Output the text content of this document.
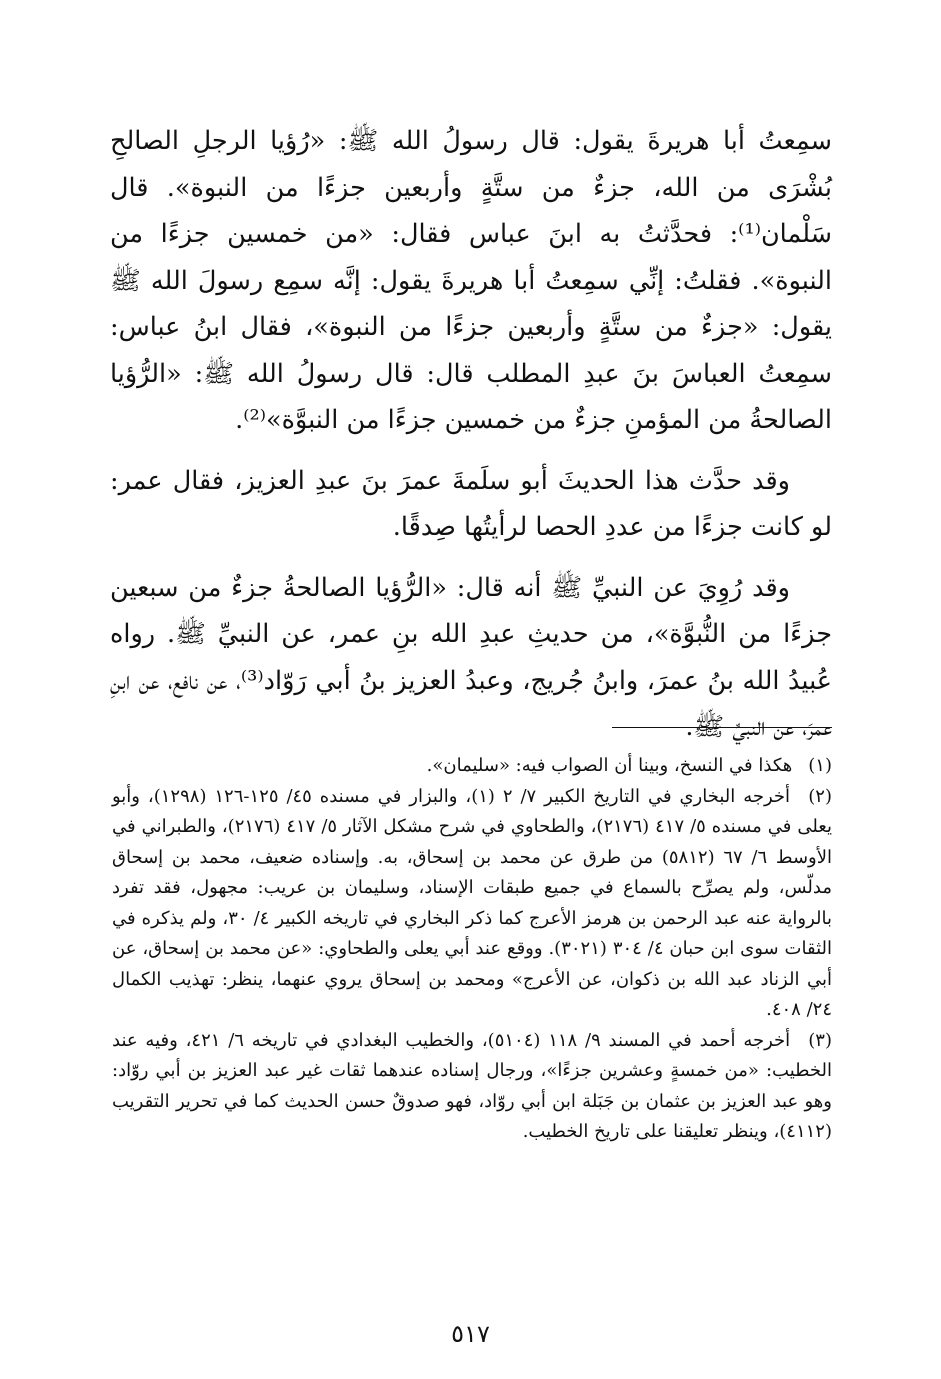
سمِعتُ أبا هريرةَ يقول: قال رسولُ الله ﷺ: «رُؤيا الرجلِ الصالحِ بُشْرَى من الله، جزءٌ من ستَّةٍ وأربعين جزءًا من النبوة». قال سَلْمان⁽¹⁾: فحدَّثتُ به ابنَ عباس فقال: «من خمسين جزءًا من النبوة». فقلتُ: إنِّي سمِعتُ أبا هريرةَ يقول: إنَّه سمِع رسولَ الله ﷺ يقول: «جزءٌ من ستَّةٍ وأربعين جزءًا من النبوة»، فقال ابنُ عباس: سمِعتُ العباسَ بنَ عبدِ المطلب قال: قال رسولُ الله ﷺ: «الرُّؤيا الصالحةُ من المؤمنِ جزءٌ من خمسين جزءًا من النبوَّة»⁽²⁾.

وقد حدَّث هذا الحديثَ أبو سلَمةَ عمرَ بنَ عبدِ العزيز، فقال عمر: لو كانت جزءًا من عددِ الحصا لرأيتُها صِدقًا.

وقد رُوِيَ عن النبيِّ ﷺ أنه قال: «الرُّؤيا الصالحةُ جزءٌ من سبعين جزءًا من النُّبوَّة»، من حديثِ عبدِ الله بنِ عمر، عن النبيِّ ﷺ. رواه عُبيدُ الله بنُ عمرَ، وابنُ جُريج، وعبدُ العزيز بنُ أبي رَوّاد⁽³⁾، عن نافع، عن ابنِ عمرَ، عن النبيِّ ﷺ.

(١) هكذا في النسخ، وبينا أن الصواب فيه: «سليمان».

(٢) أخرجه البخاري في التاريخ الكبير ٧/ ٢ (١)، والبزار في مسنده ٤٥/ ١٢٥-١٢٦ (١٢٩٨)، وأبو يعلى في مسنده ٥/ ٤١٧ (٢١٧٦)، والطحاوي في شرح مشكل الآثار ٥/ ٤١٧ (٢١٧٦)، والطبراني في الأوسط ٦/ ٦٧ (٥٨١٢) من طرق عن محمد بن إسحاق، به. وإسناده ضعيف، محمد بن إسحاق مدلّس، ولم يصرِّح بالسماع في جميع طبقات الإسناد، وسليمان بن عريب: مجهول، فقد تفرد بالرواية عنه عبد الرحمن بن هرمز الأعرج كما ذكر البخاري في تاريخه الكبير ٤/ ٣٠، ولم يذكره في الثقات سوى ابن حبان ٤/ ٣٠٤ (٣٠٢١). ووقع عند أبي يعلى والطحاوي: «عن محمد بن إسحاق، عن أبي الزناد عبد الله بن ذكوان، عن الأعرج» ومحمد بن إسحاق يروي عنهما، ينظر: تهذيب الكمال ٢٤/ ٤٠٨.

(٣) أخرجه أحمد في المسند ٩/ ١١٨ (٥١٠٤)، والخطيب البغدادي في تاريخه ٦/ ٤٢١، وفيه عند الخطيب: «من خمسةٍ وعشرين جزءًا»، ورجال إسناده عندهما ثقات غير عبد العزيز بن أبي روّاد: وهو عبد العزيز بن عثمان بن جَبَلة ابن أبي روّاد، فهو صدوقٌ حسن الحديث كما في تحرير التقريب (٤١١٢)، وينظر تعليقنا على تاريخ الخطيب.

٥١٧
